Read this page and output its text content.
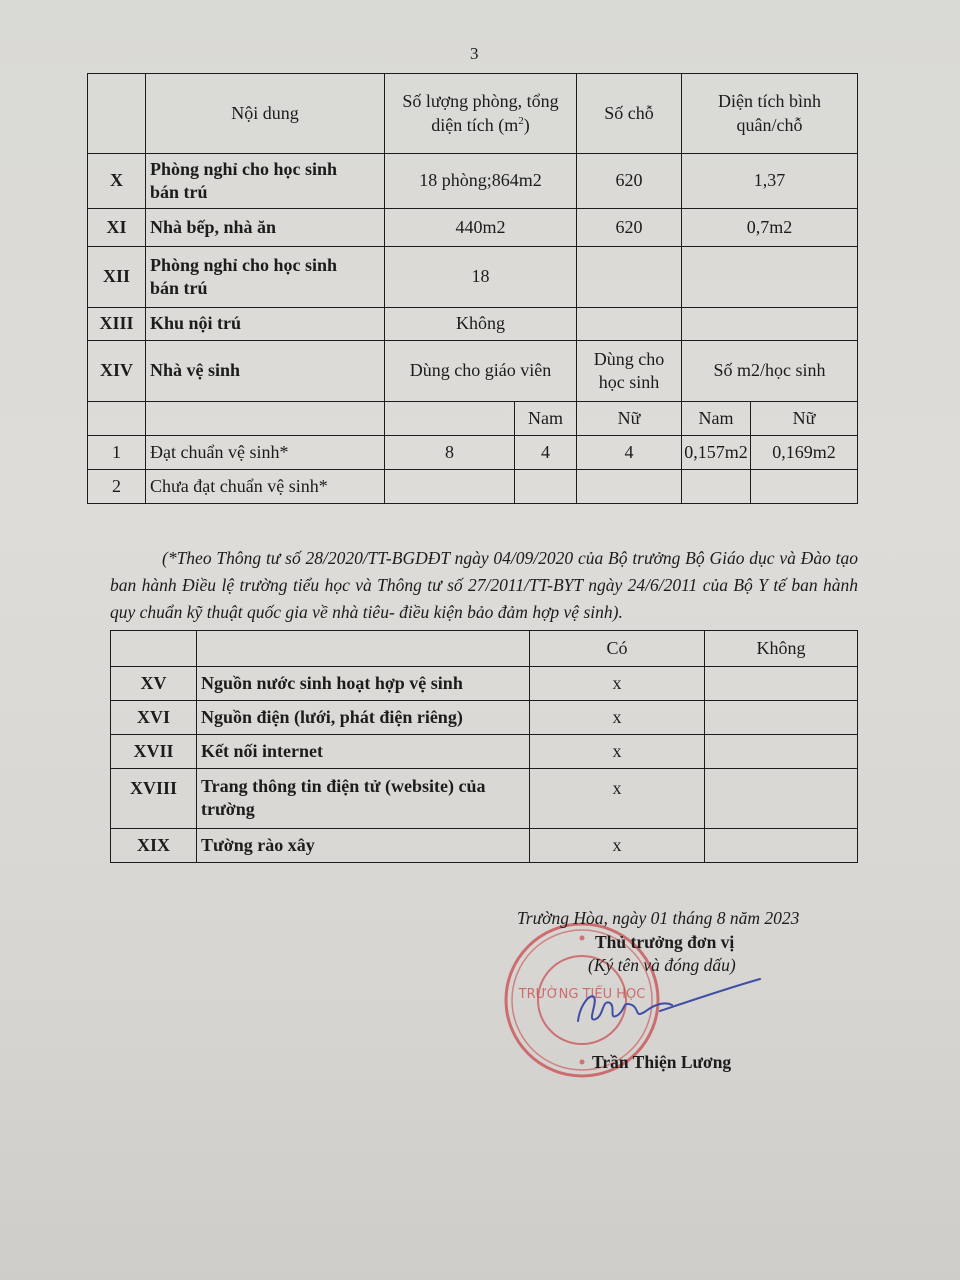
3
	Nội dung	Số lượng phòng, tổng
diện tích $(m^2)$		Số chỗ	Diện tích bình
quân/chỗ	
X	Phòng nghỉ cho học sinh
bán trú	18 phòng;864m2		620	1,37	
XI	Nhà bếp, nhà ăn	440m2		620	0,7m2	
XII	Phòng nghỉ cho học sinh
bán trú	18				
XIII	Khu nội trú	Không				
XIV	Nhà vệ sinh	Dùng cho giáo viên		Dùng cho
học sinh	Số m2/học sinh	
			Nam	Nữ	Nam	Nữ
1	Đạt chuẩn vệ sinh*	8	4	4	0,157m2	0,169m2
2	Chưa đạt chuẩn vệ sinh*					
(*Theo Thông tư số 28/2020/TT-BGDĐT ngày 04/09/2020 của Bộ trưởng Bộ Giáo dục và Đào tạo ban hành Điều lệ trường tiểu học và Thông tư số 27/2011/TT-BYT ngày 24/6/2011 của Bộ Y tế ban hành quy chuẩn kỹ thuật quốc gia về nhà tiêu- điều kiện bảo đảm hợp vệ sinh).
		Có	Không
XV	Nguồn nước sinh hoạt hợp vệ sinh	x	
XVI	Nguồn điện (lưới, phát điện riêng)	x	
XVII	Kết nối internet	x	
XVIII	Trang thông tin điện tử (website) của
trường	x	
XIX	Tường rào xây	x	
TRƯỜNG TIỂU HỌC
Trường Hòa, ngày 01 tháng 8 năm 2023
Thủ trưởng đơn vị
(Ký tên và đóng dấu)
Trần Thiện Lương
